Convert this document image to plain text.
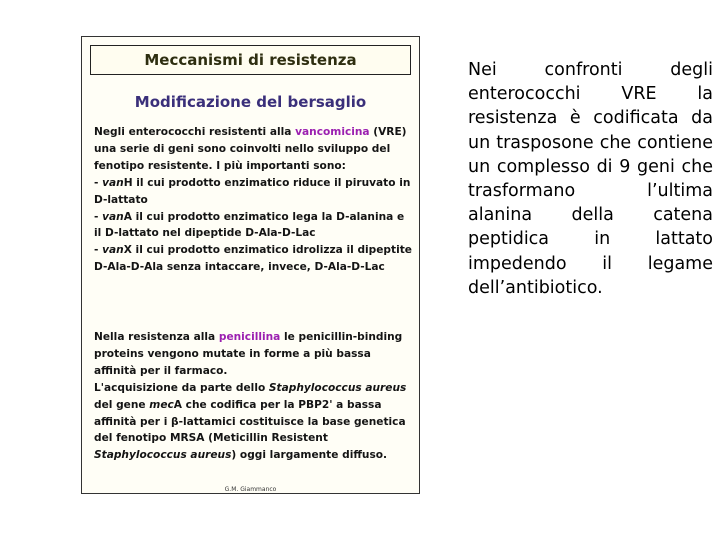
Meccanismi di resistenza
Modificazione del bersaglio
Negli enterococchi resistenti alla vancomicina (VRE) una serie di geni sono coinvolti nello sviluppo del fenotipo resistente. I più importanti sono:
- vanH il cui prodotto enzimatico riduce il piruvato in D-lattato
- vanA il cui prodotto enzimatico lega la D-alanina e il D-lattato nel dipeptide D-Ala-D-Lac
- vanX il cui prodotto enzimatico idrolizza il dipeptite D-Ala-D-Ala senza intaccare, invece, D-Ala-D-Lac
Nella resistenza alla penicillina le penicillin-binding proteins vengono mutate in forme a più bassa affinità per il farmaco.
L'acquisizione da parte dello Staphylococcus aureus del gene mecA che codifica per la PBP2' a bassa affinità per i β-lattamici costituisce la base genetica del fenotipo MRSA (Meticillin Resistent Staphylococcus aureus) oggi largamente diffuso.
G.M. Giammanco
Nei confronti degli enterococchi VRE la resistenza è codificata da un trasposone che contiene un complesso di 9 geni che trasformano l’ultima alanina della catena peptidica in lattato impedendo il legame dell’antibiotico.
